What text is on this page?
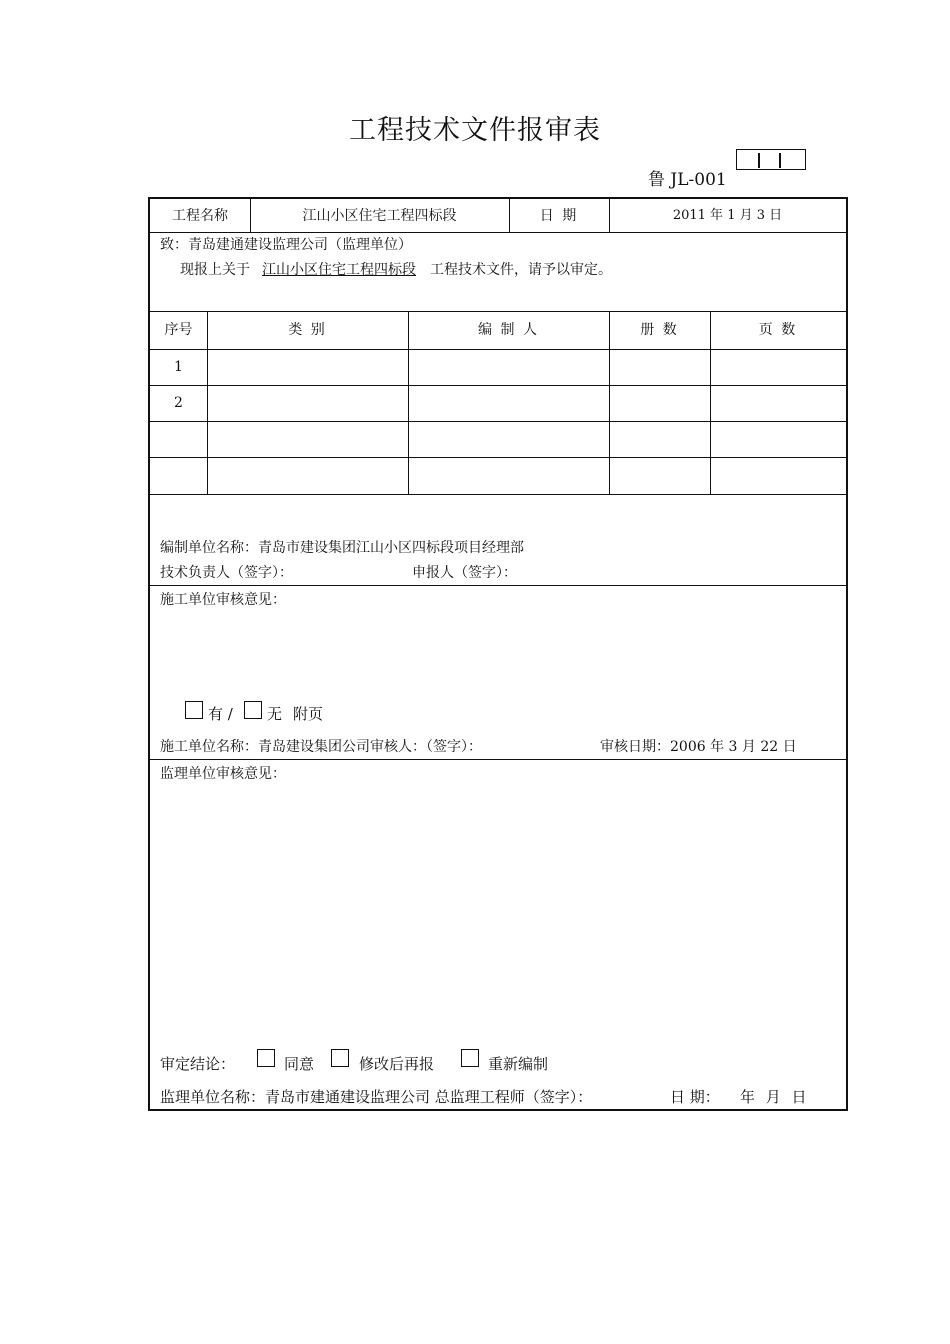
工程技术文件报审表
鲁 JL-001
工程名称	江山小区住宅工程四标段	日 期	2011 年 1 月 3 日
致：青岛建通建设监理公司（监理单位）
现报上关于 江山小区住宅工程四标段 工程技术文件，请予以审定。
序号	类 别	编 制 人	册 数	页 数
1
2
编制单位名称：青岛市建设集团江山小区四标段项目经理部
技术负责人（签字）：	申报人（签字）：
施工单位审核意见：
有 / 无 附页
施工单位名称：青岛建设集团公司审核人：（签字）：	审核日期：2006 年 3 月 22 日
监理单位审核意见：
审定结论：	同意	修改后再报	重新编制
监理单位名称：青岛市建通建设监理公司 总监理工程师（签字）：	日 期： 年 月 日
